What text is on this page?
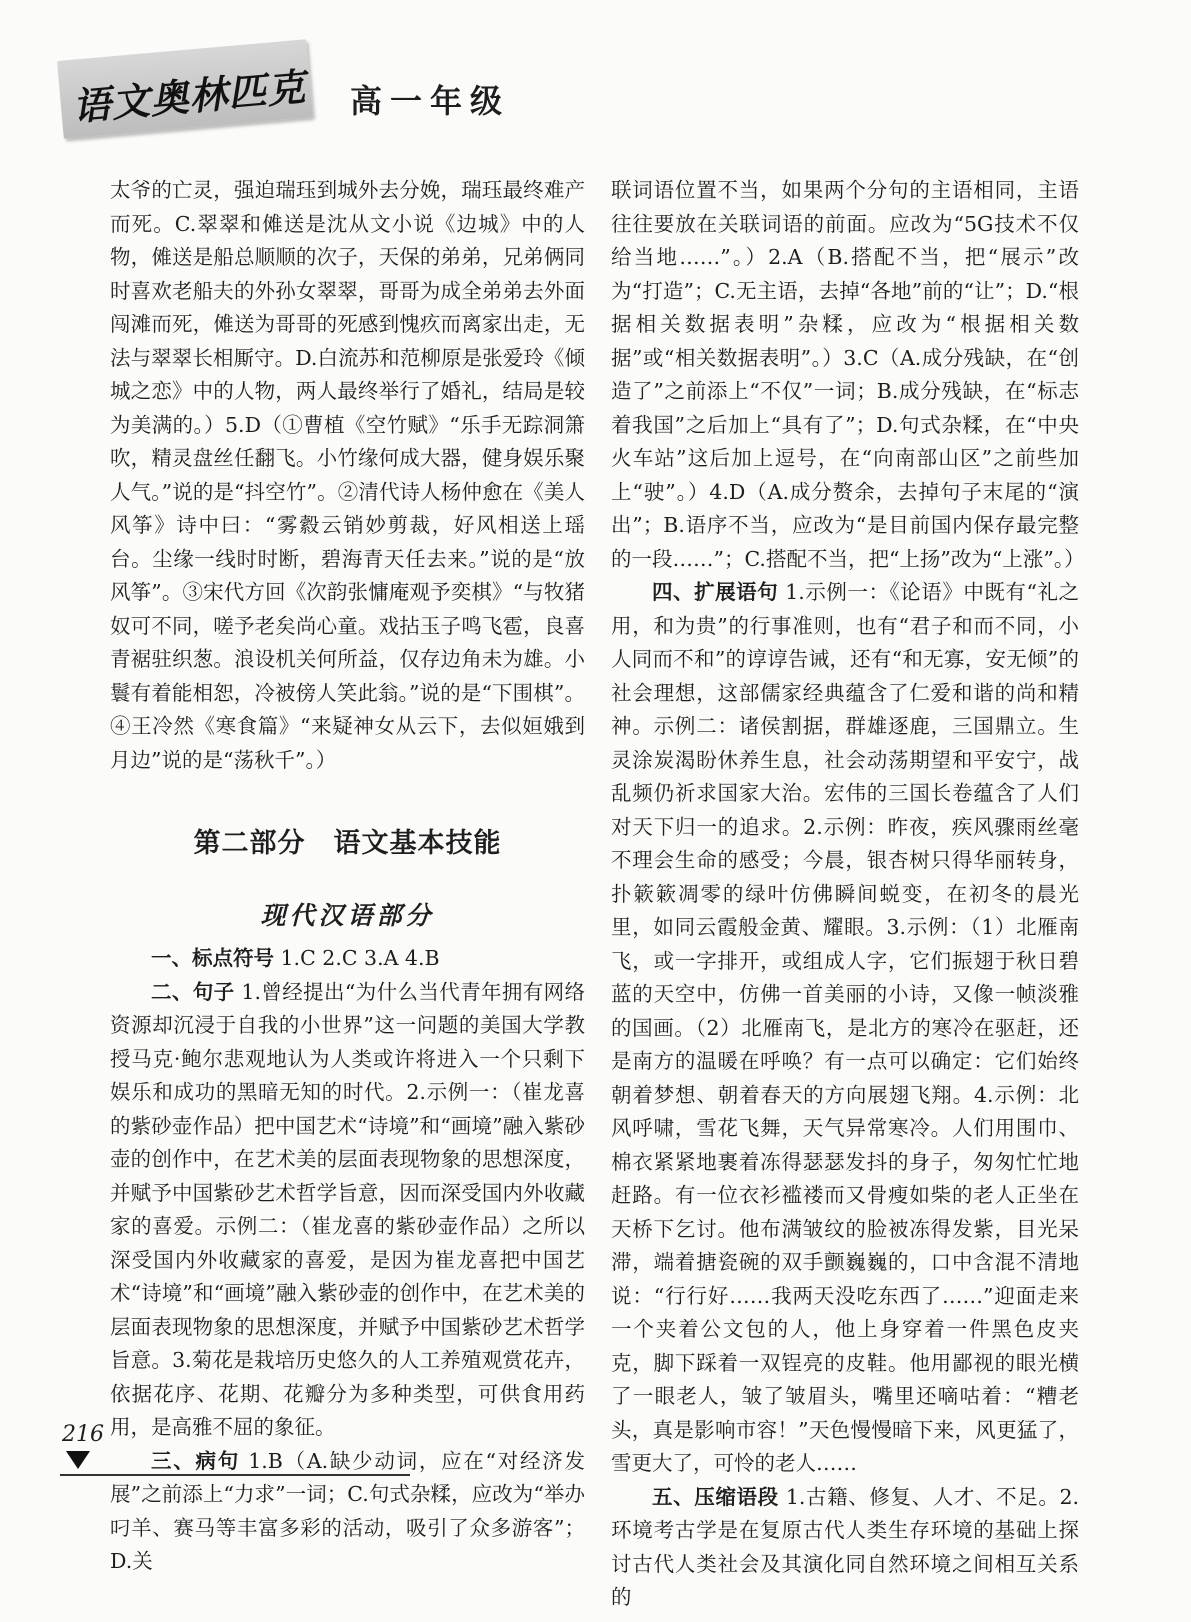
语文奥林匹克 高一年级

太爷的亡灵，强迫瑞珏到城外去分娩，瑞珏最终难产而死。C.翠翠和傩送是沈从文小说《边城》中的人物，傩送是船总顺顺的次子，天保的弟弟，兄弟俩同时喜欢老船夫的外孙女翠翠，哥哥为成全弟弟去外面闯滩而死，傩送为哥哥的死感到愧疚而离家出走，无法与翠翠长相厮守。D.白流苏和范柳原是张爱玲《倾城之恋》中的人物，两人最终举行了婚礼，结局是较为美满的。）5.D（①曹植《空竹赋》“乐手无踪洞箫吹，精灵盘丝任翻飞。小竹缘何成大器，健身娱乐聚人气。”说的是“抖空竹”。②清代诗人杨仲愈在《美人风筝》诗中曰：“雾縠云销妙剪裁，好风相送上瑶台。尘缘一线时时断，碧海青天任去来。”说的是“放风筝”。③宋代方回《次韵张慵庵观予奕棋》“与牧猪奴可不同，嗟予老矣尚心童。戏拈玉子鸣飞雹，良喜青裾驻织葱。浪设机关何所益，仅存边角未为雄。小鬟有着能相恕，冷被傍人笑此翁。”说的是“下围棋”。④王冷然《寒食篇》“来疑神女从云下，去似姮娥到月边”说的是“荡秋千”。）

第二部分　语文基本技能
现代汉语部分

一、标点符号 1.C 2.C 3.A 4.B

二、句子 1.曾经提出“为什么当代青年拥有网络资源却沉浸于自我的小世界”这一问题的美国大学教授马克·鲍尔悲观地认为人类或许将进入一个只剩下娱乐和成功的黑暗无知的时代。2.示例一：（崔龙喜的紫砂壶作品）把中国艺术“诗境”和“画境”融入紫砂壶的创作中，在艺术美的层面表现物象的思想深度，并赋予中国紫砂艺术哲学旨意，因而深受国内外收藏家的喜爱。示例二：（崔龙喜的紫砂壶作品）之所以深受国内外收藏家的喜爱，是因为崔龙喜把中国艺术“诗境”和“画境”融入紫砂壶的创作中，在艺术美的层面表现物象的思想深度，并赋予中国紫砂艺术哲学旨意。3.菊花是栽培历史悠久的人工养殖观赏花卉，依据花序、花期、花瓣分为多种类型，可供食用药用，是高雅不屈的象征。

三、病句 1.B（A.缺少动词，应在“对经济发展”之前添上“力求”一词；C.句式杂糅，应改为“举办叼羊、赛马等丰富多彩的活动，吸引了众多游客”；D.关

联词语位置不当，如果两个分句的主语相同，主语往往要放在关联词语的前面。应改为“5G技术不仅给当地……”。）2.A（B.搭配不当，把“展示”改为“打造”；C.无主语，去掉“各地”前的“让”；D.“根据相关数据表明”杂糅，应改为“根据相关数据”或“相关数据表明”。）3.C（A.成分残缺，在“创造了”之前添上“不仅”一词；B.成分残缺，在“标志着我国”之后加上“具有了”；D.句式杂糅，在“中央火车站”这后加上逗号，在“向南部山区”之前些加上“驶”。）4.D（A.成分赘余，去掉句子末尾的“演出”；B.语序不当，应改为“是目前国内保存最完整的一段……”；C.搭配不当，把“上扬”改为“上涨”。）

四、扩展语句 1.示例一：《论语》中既有“礼之用，和为贵”的行事准则，也有“君子和而不同，小人同而不和”的谆谆告诫，还有“和无寡，安无倾”的社会理想，这部儒家经典蕴含了仁爱和谐的尚和精神。示例二：诸侯割据，群雄逐鹿，三国鼎立。生灵涂炭渴盼休养生息，社会动荡期望和平安宁，战乱频仍祈求国家大治。宏伟的三国长卷蕴含了人们对天下归一的追求。2.示例：昨夜，疾风骤雨丝毫不理会生命的感受；今晨，银杏树只得华丽转身，扑簌簌凋零的绿叶仿佛瞬间蜕变，在初冬的晨光里，如同云霞般金黄、耀眼。3.示例：（1）北雁南飞，或一字排开，或组成人字，它们振翅于秋日碧蓝的天空中，仿佛一首美丽的小诗，又像一帧淡雅的国画。（2）北雁南飞，是北方的寒冷在驱赶，还是南方的温暖在呼唤？有一点可以确定：它们始终朝着梦想、朝着春天的方向展翅飞翔。4.示例：北风呼啸，雪花飞舞，天气异常寒冷。人们用围巾、棉衣紧紧地裹着冻得瑟瑟发抖的身子，匆匆忙忙地赶路。有一位衣衫褴褛而又骨瘦如柴的老人正坐在天桥下乞讨。他布满皱纹的脸被冻得发紫，目光呆滞，端着搪瓷碗的双手颤巍巍的，口中含混不清地说：“行行好……我两天没吃东西了……”迎面走来一个夹着公文包的人，他上身穿着一件黑色皮夹克，脚下踩着一双锃亮的皮鞋。他用鄙视的眼光横了一眼老人，皱了皱眉头，嘴里还嘀咕着：“糟老头，真是影响市容！”天色慢慢暗下来，风更猛了，雪更大了，可怜的老人……

五、压缩语段 1.古籍、修复、人才、不足。2.环境考古学是在复原古代人类生存环境的基础上探讨古代人类社会及其演化同自然环境之间相互关系的

216
